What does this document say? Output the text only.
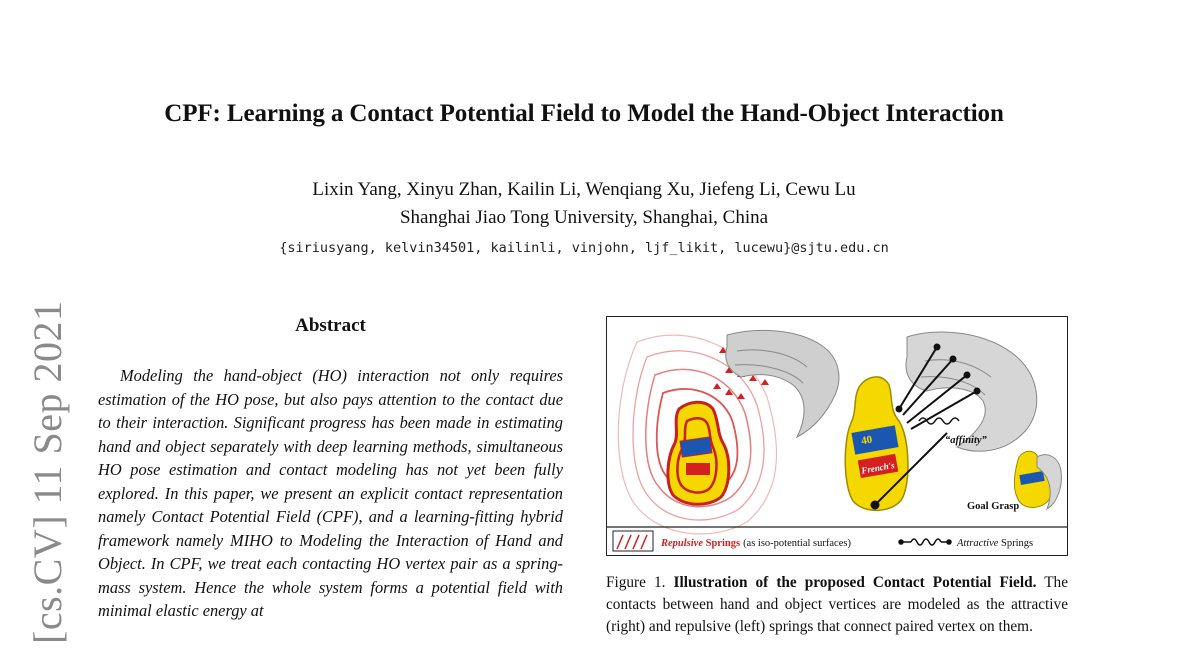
CPF: Learning a Contact Potential Field to Model the Hand-Object Interaction
Lixin Yang, Xinyu Zhan, Kailin Li, Wenqiang Xu, Jiefeng Li, Cewu Lu
Shanghai Jiao Tong University, Shanghai, China
{siriusyang, kelvin34501, kailinli, vinjohn, ljf_likit, lucewu}@sjtu.edu.cn
[cs.CV] 11 Sep 2021	Abstract
Modeling the hand-object (HO) interaction not only requires estimation of the HO pose, but also pays attention to the contact due to their interaction. Significant progress has been made in estimating hand and object separately with deep learning methods, simultaneous HO pose estimation and contact modeling has not yet been fully explored. In this paper, we present an explicit contact representation namely Contact Potential Field (CPF), and a learning-fitting hybrid framework namely MIHO to Modeling the Interaction of Hand and Object. In CPF, we treat each contacting HO vertex pair as a spring-mass system. Hence the whole system forms a potential field with minimal elastic energy at
40
French's
“affinity”
Goal Grasp
Repulsive Springs (as iso-potential surfaces)	Attractive Springs
Figure 1. Illustration of the proposed Contact Potential Field. The contacts between hand and object vertices are modeled as the attractive (right) and repulsive (left) springs that connect paired vertex on them.
